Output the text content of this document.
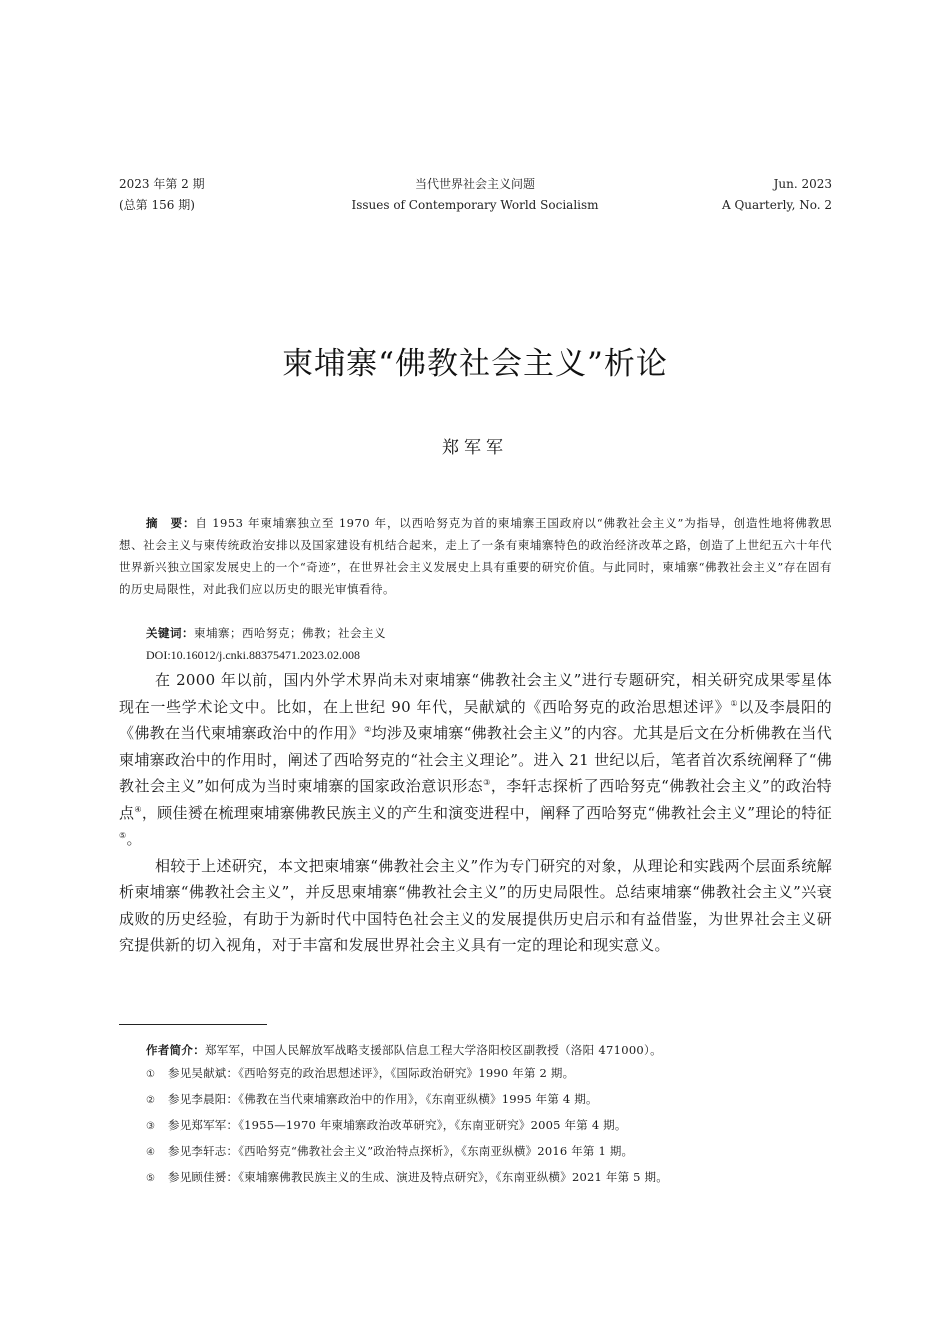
2023 年第 2 期
(总第 156 期)
当代世界社会主义问题
Issues of Contemporary World Socialism
Jun. 2023
A Quarterly, No. 2
柬埔寨“佛教社会主义”析论
郑军军
摘　要：自 1953 年柬埔寨独立至 1970 年，以西哈努克为首的柬埔寨王国政府以“佛教社会主义”为指导，创造性地将佛教思想、社会主义与柬传统政治安排以及国家建设有机结合起来，走上了一条有柬埔寨特色的政治经济改革之路，创造了上世纪五六十年代世界新兴独立国家发展史上的一个“奇迹”，在世界社会主义发展史上具有重要的研究价值。与此同时，柬埔寨“佛教社会主义”存在固有的历史局限性，对此我们应以历史的眼光审慎看待。
关键词：柬埔寨；西哈努克；佛教；社会主义
DOI:10.16012/j.cnki.88375471.2023.02.008

在 2000 年以前，国内外学术界尚未对柬埔寨“佛教社会主义”进行专题研究，相关研究成果零星体现在一些学术论文中。比如，在上世纪 90 年代，吴献斌的《西哈努克的政治思想述评》①以及李晨阳的《佛教在当代柬埔寨政治中的作用》②均涉及柬埔寨“佛教社会主义”的内容。尤其是后文在分析佛教在当代柬埔寨政治中的作用时，阐述了西哈努克的“社会主义理论”。进入 21 世纪以后，笔者首次系统阐释了“佛教社会主义”如何成为当时柬埔寨的国家政治意识形态③，李轩志探析了西哈努克“佛教社会主义”的政治特点④，顾佳赟在梳理柬埔寨佛教民族主义的产生和演变进程中，阐释了西哈努克“佛教社会主义”理论的特征⑤。

相较于上述研究，本文把柬埔寨“佛教社会主义”作为专门研究的对象，从理论和实践两个层面系统解析柬埔寨“佛教社会主义”，并反思柬埔寨“佛教社会主义”的历史局限性。总结柬埔寨“佛教社会主义”兴衰成败的历史经验，有助于为新时代中国特色社会主义的发展提供历史启示和有益借鉴，为世界社会主义研究提供新的切入视角，对于丰富和发展世界社会主义具有一定的理论和现实意义。

作者简介：郑军军，中国人民解放军战略支援部队信息工程大学洛阳校区副教授（洛阳 471000）。
① 参见吴献斌：《西哈努克的政治思想述评》，《国际政治研究》1990 年第 2 期。
② 参见李晨阳：《佛教在当代柬埔寨政治中的作用》，《东南亚纵横》1995 年第 4 期。
③ 参见郑军军：《1955—1970 年柬埔寨政治改革研究》，《东南亚研究》2005 年第 4 期。
④ 参见李轩志：《西哈努克“佛教社会主义”政治特点探析》，《东南亚纵横》2016 年第 1 期。
⑤ 参见顾佳赟：《柬埔寨佛教民族主义的生成、演进及特点研究》，《东南亚纵横》2021 年第 5 期。
